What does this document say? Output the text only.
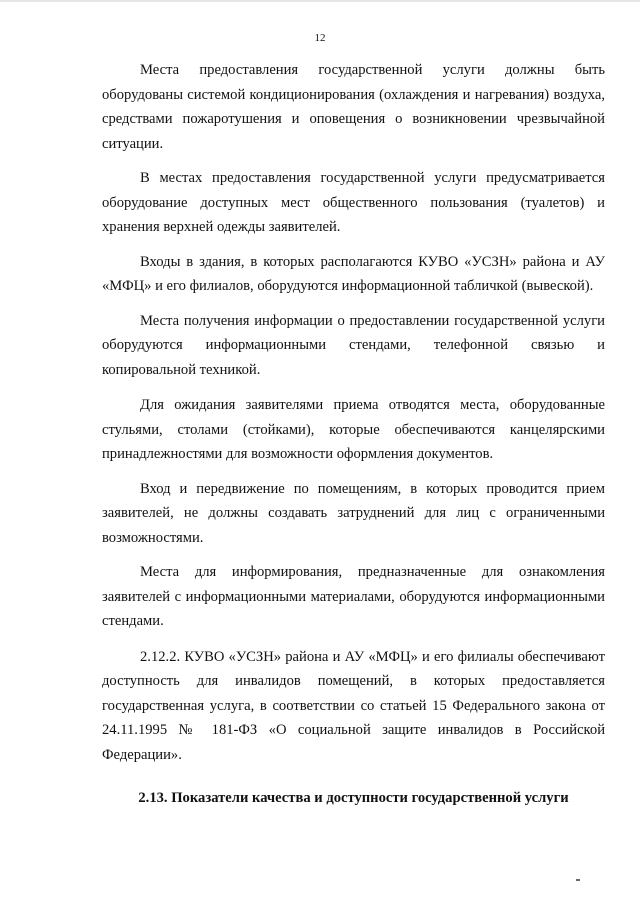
12

Места предоставления государственной услуги должны быть оборудованы системой кондиционирования (охлаждения и нагревания) воздуха, средствами пожаротушения и оповещения о возникновении чрезвычайной ситуации.

В местах предоставления государственной услуги предусматривается оборудование доступных мест общественного пользования (туалетов) и хранения верхней одежды заявителей.

Входы в здания, в которых располагаются КУВО «УСЗН» района и АУ «МФЦ» и его филиалов, оборудуются информационной табличкой (вывеской).

Места получения информации о предоставлении государственной услуги оборудуются информационными стендами, телефонной связью и копировальной техникой.

Для ожидания заявителями приема отводятся места, оборудованные стульями, столами (стойками), которые обеспечиваются канцелярскими принадлежностями для возможности оформления документов.

Вход и передвижение по помещениям, в которых проводится прием заявителей, не должны создавать затруднений для лиц с ограниченными возможностями.

Места для информирования, предназначенные для ознакомления заявителей с информационными материалами, оборудуются информационными стендами.

2.12.2. КУВО «УСЗН» района и АУ «МФЦ» и его филиалы обеспечивают доступность для инвалидов помещений, в которых предоставляется государственная услуга, в соответствии со статьей 15 Федерального закона от 24.11.1995 № 181-ФЗ «О социальной защите инвалидов в Российской Федерации».

2.13. Показатели качества и доступности государственной услуги
